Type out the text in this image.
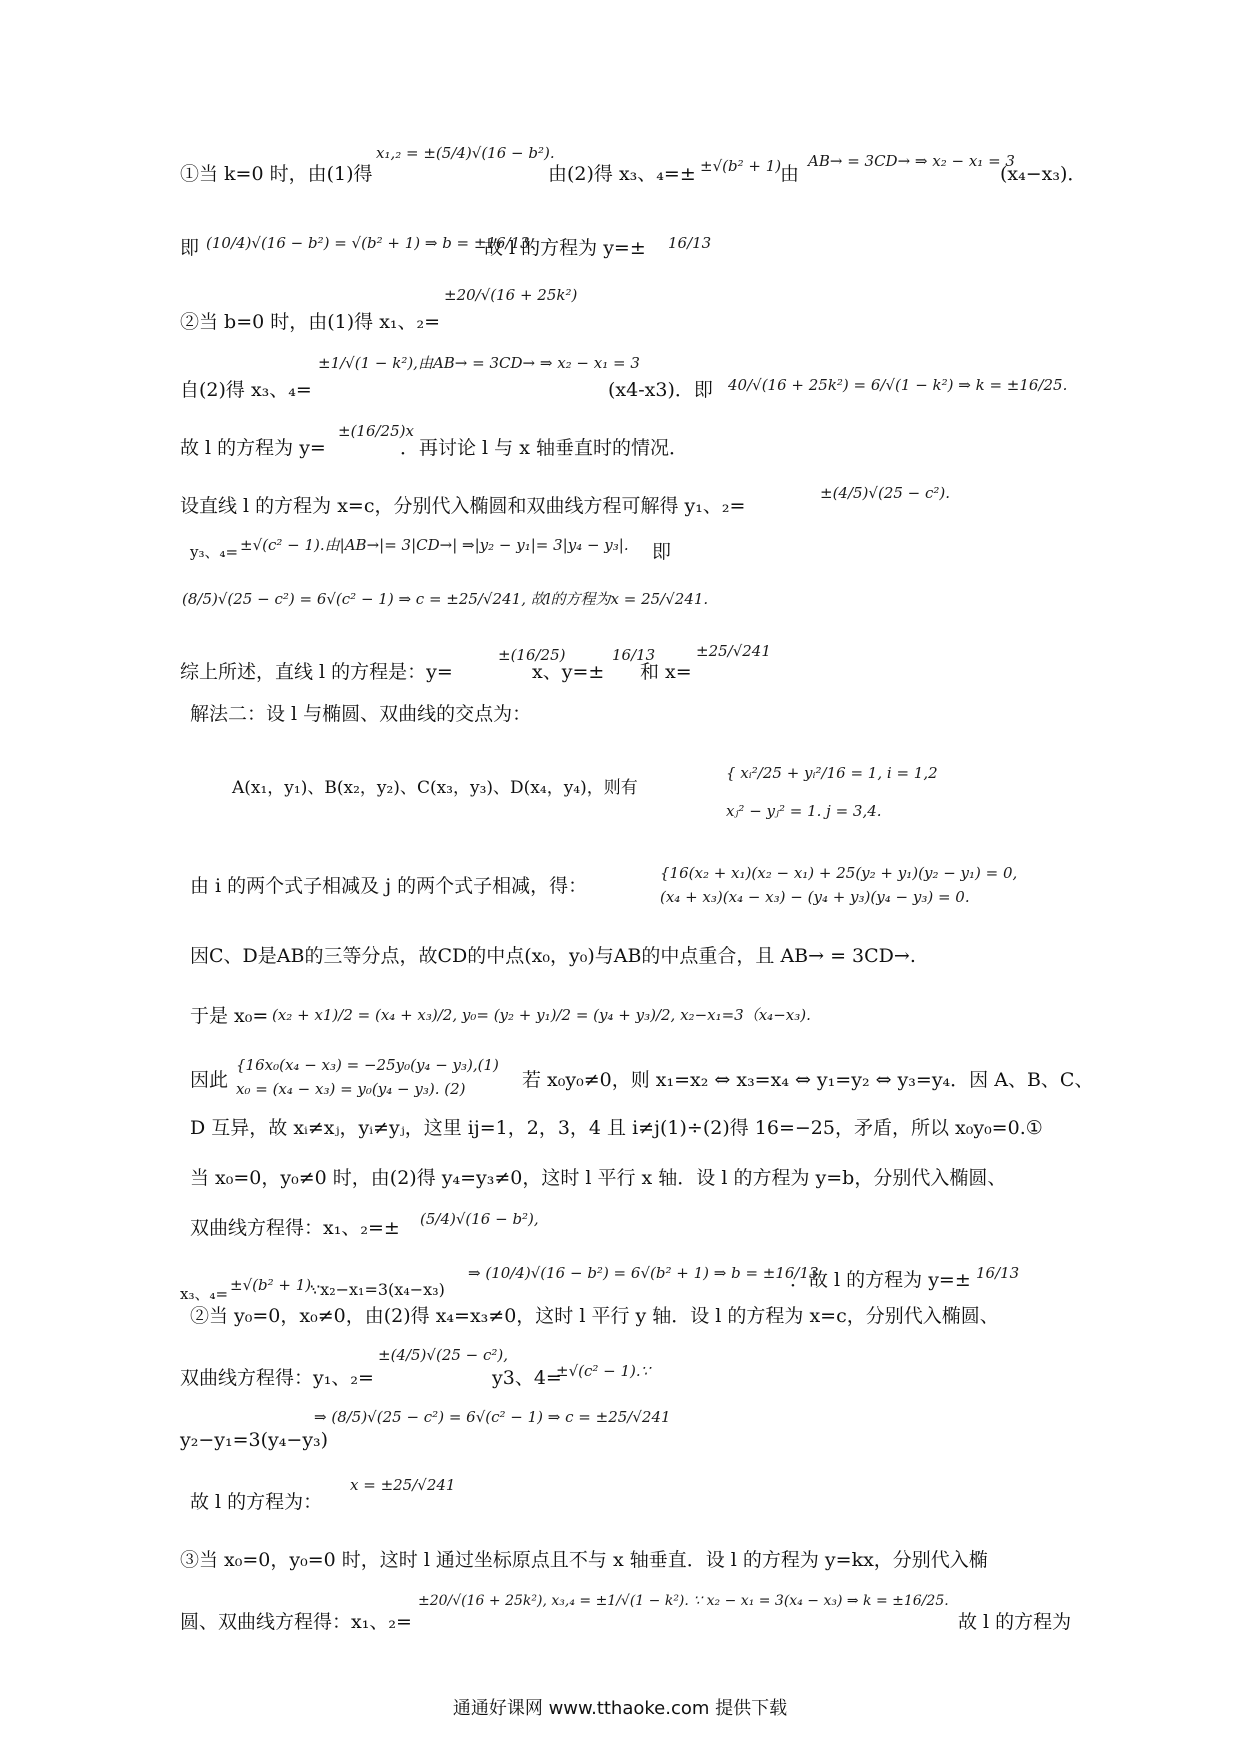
①当 k=0 时，由(1)得
x₁,₂ = ±(5/4)√(16 − b²).
由(2)得 x₃、₄=± ±√(b² + 1)
由
AB→ = 3CD→ ⇒ x₂ − x₁ = 3
(x₄−x₃)．
即 (10/4)√(16 − b²) = √(b² + 1) ⇒ b = ±16/13.
故 l 的方程为 y=± 16/13
±20/√(16 + 25k²)
②当 b=0 时，由(1)得 x₁、₂=
自(2)得 x₃、₄=
±1/√(1 − k²),由AB→ = 3CD→ ⇒ x₂ − x₁ = 3
(x4-x3)．即 40/√(16 + 25k²) = 6/√(1 − k²) ⇒ k = ±16/25.
故 l 的方程为 y=
±(16/25)x
．再讨论 l 与 x 轴垂直时的情况．
设直线 l 的方程为 x=c，分别代入椭圆和双曲线方程可解得 y₁、₂=
±(4/5)√(25 − c²).
y₃、₄= ±√(c² − 1).由|AB→|= 3|CD→| ⇒|y₂ − y₁|= 3|y₄ − y₃|. 即
(8/5)√(25 − c²) = 6√(c² − 1) ⇒ c = ±25/√241, 故l的方程为x = 25/√241.
综上所述，直线 l 的方程是：y=
±(16/25)
x、y=±
16/13
和 x=
±25/√241
解法二：设 l 与椭圆、双曲线的交点为：
A(x₁，y₁)、B(x₂，y₂)、C(x₃，y₃)、D(x₄，y₄)，则有
{ xᵢ²/25 + yᵢ²/16 = 1, i = 1,2
xⱼ² − yⱼ² = 1. j = 3,4.
由 i 的两个式子相减及 j 的两个式子相减，得：
{16(x₂ + x₁)(x₂ − x₁) + 25(y₂ + y₁)(y₂ − y₁) = 0,
(x₄ + x₃)(x₄ − x₃) − (y₄ + y₃)(y₄ − y₃) = 0.
因C、D是AB的三等分点，故CD的中点(x₀，y₀)与AB的中点重合，且 AB→ = 3CD→.
于是 x₀= (x₂ + x1)/2 = (x₄ + x₃)/2, y₀= (y₂ + y₁)/2 = (y₄ + y₃)/2, x₂−x₁=3（x₄−x₃).
因此
{16x₀(x₄ − x₃) = −25y₀(y₄ − y₃),(1)
x₀ = (x₄ − x₃) = y₀(y₄ − y₃). (2)	若 x₀y₀≠0，则 x₁=x₂ ⇔ x₃=x₄ ⇔ y₁=y₂ ⇔ y₃=y₄．因 A、B、C、
D 互异，故 xᵢ≠xⱼ，yᵢ≠yⱼ，这里 ij=1，2，3，4 且 i≠j(1)÷(2)得 16=−25，矛盾，所以 x₀y₀=0.①
当 x₀=0，y₀≠0 时，由(2)得 y₄=y₃≠0，这时 l 平行 x 轴．设 l 的方程为 y=b，分别代入椭圆、
双曲线方程得：x₁、₂=± (5/4)√(16 − b²),
x₃、₄= ±√(b² + 1).
∵x₂−x₁=3(x₄−x₃)
⇒ (10/4)√(16 − b²) = 6√(b² + 1) ⇒ b = ±16/13
．故 l 的方程为 y=± 16/13
②当 y₀=0，x₀≠0，由(2)得 x₄=x₃≠0，这时 l 平行 y 轴．设 l 的方程为 x=c，分别代入椭圆、
双曲线方程得：y₁、₂=
±(4/5)√(25 − c²),
y3、4=
±√(c² − 1).∵
y₂−y₁=3(y₄−y₃)
⇒ (8/5)√(25 − c²) = 6√(c² − 1) ⇒ c = ±25/√241
故 l 的方程为：
x = ±25/√241
③当 x₀=0，y₀=0 时，这时 l 通过坐标原点且不与 x 轴垂直．设 l 的方程为 y=kx，分别代入椭
圆、双曲线方程得：x₁、₂=
±20/√(16 + 25k²), x₃,₄ = ±1/√(1 − k²). ∵ x₂ − x₁ = 3(x₄ − x₃) ⇒ k = ±16/25.
故 l 的方程为
通通好课网 www.tthaoke.com 提供下载
